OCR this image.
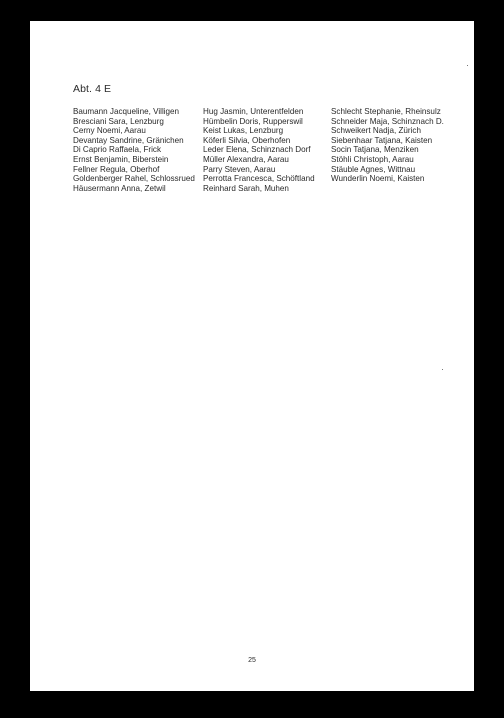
Abt. 4 E
Baumann Jacqueline, Villigen
Bresciani Sara, Lenzburg
Cerny Noemi, Aarau
Devantay Sandrine, Gränichen
Di Caprio Raffaela, Frick
Ernst Benjamin, Biberstein
Fellner Regula, Oberhof
Goldenberger Rahel, Schlossrued
Häusermann Anna, Zetwil
Hug Jasmin, Unterentfelden
Hümbelin Doris, Rupperswil
Keist Lukas, Lenzburg
Köferli Silvia, Oberhofen
Leder Elena, Schinznach Dorf
Müller Alexandra, Aarau
Parry Steven, Aarau
Perrotta Francesca, Schöftland
Reinhard Sarah, Muhen
Schlecht Stephanie, Rheinsulz
Schneider Maja, Schinznach D.
Schweikert Nadja, Zürich
Siebenhaar Tatjana, Kaisten
Socin Tatjana, Menziken
Stöhli Christoph, Aarau
Stäuble Agnes, Wittnau
Wunderlin Noemi, Kaisten
25
